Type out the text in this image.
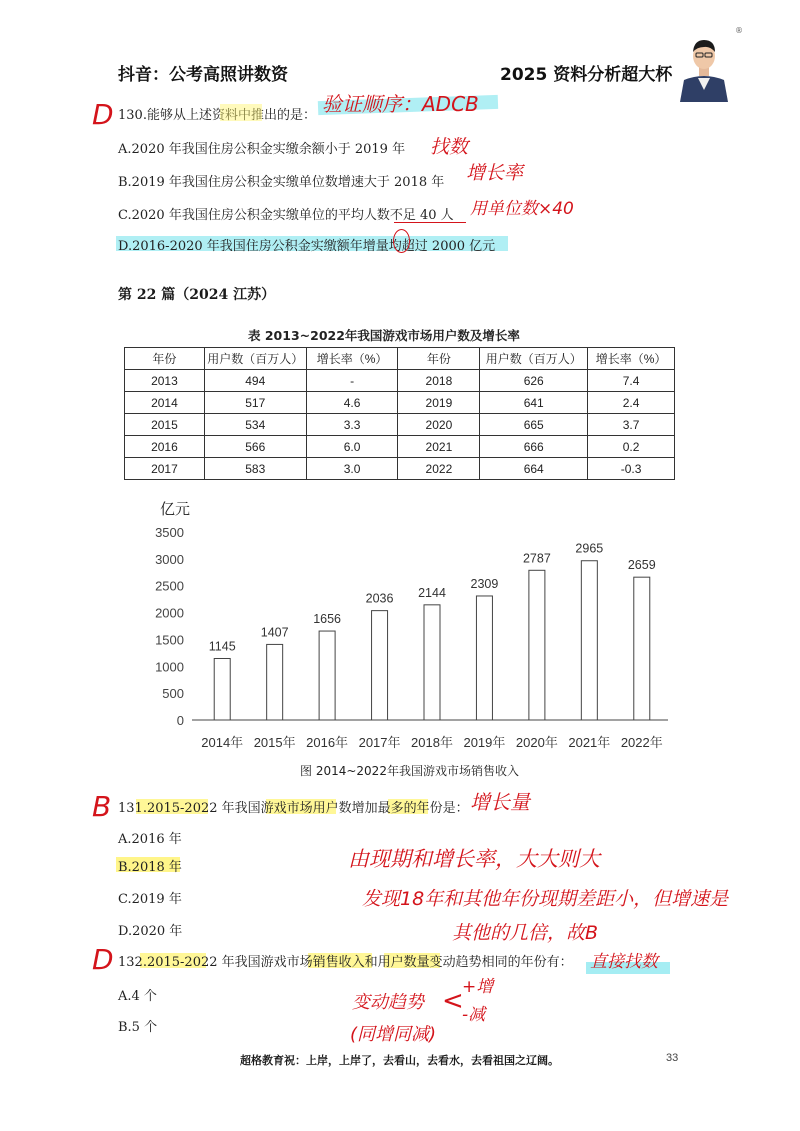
抖音：公考高照讲数资	2025 资料分析超大杯
®
D 130.能够从上述资料中推出的是： 验证顺序：ADCB
A.2020 年我国住房公积金实缴余额小于 2019 年 找数
B.2019 年我国住房公积金实缴单位数增速大于 2018 年 增长率
C.2020 年我国住房公积金实缴单位的平均人数不足 40 人 用单位数×40
D.2016-2020 年我国住房公积金实缴额年增量均超过 2000 亿元
第 22 篇（2024 江苏）
表 2013~2022年我国游戏市场用户数及增长率
年份	用户数（百万人）	增长率（%）	年份	用户数（百万人）	增长率（%）
2013	494	-	2018	626	7.4
2014	517	4.6	2019	641	2.4
2015	534	3.3	2020	665	3.7
2016	566	6.0	2021	666	0.2
2017	583	3.0	2022	664	-0.3
亿元
0
500
1000
1500
2000
2500
3000
3500
1145
2014年
1407
2015年
1656
2016年
2036
2017年
2144
2018年
2309
2019年
2787
2020年
2965
2021年
2659
2022年
图 2014~2022年我国游戏市场销售收入
B 131.2015-2022 年我国游戏市场用户数增加最多的年份是： 增长量
A.2016 年
B.2018 年
C.2019 年
D.2020 年
由现期和增长率，大大则大
发现18年和其他年份现期差距小，但增速是
其他的几倍，故B
D 132.2015-2022 年我国游戏市场销售收入和用户数量变动趋势相同的年份有： 直接找数
A.4 个
B.5 个
变动趋势 <
+增
-减
(同增同减)
超格教育祝：上岸，上岸了，去看山，去看水，去看祖国之辽阔。	33
